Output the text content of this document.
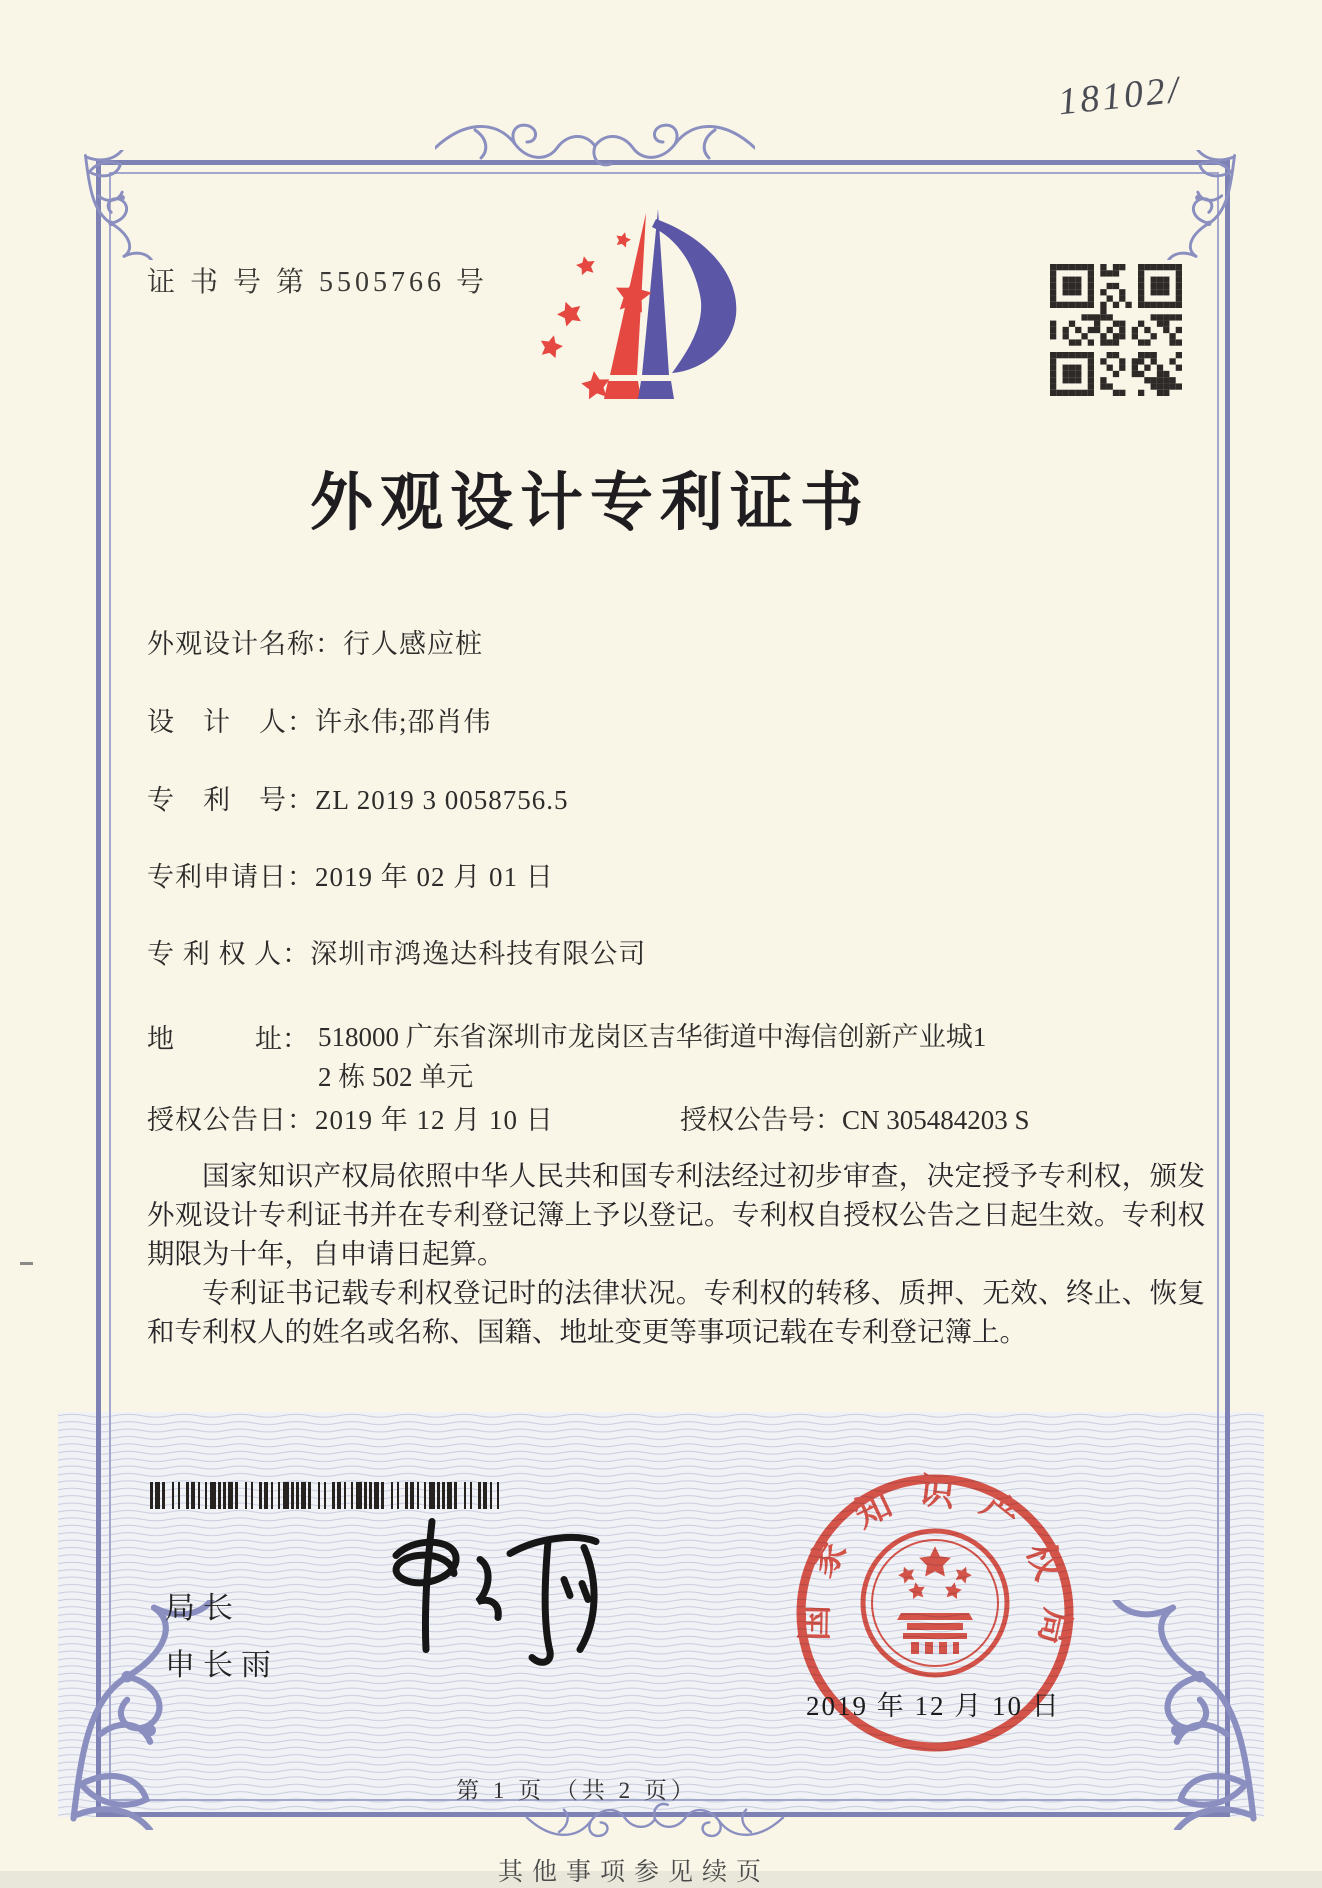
18102/
证 书 号 第 5505766 号
外观设计专利证书
外观设计名称：行人感应桩
设　计　人：许永伟;邵肖伟
专　利　号：ZL 2019 3 0058756.5
专利申请日：2019 年 02 月 01 日
专 利 权 人：深圳市鸿逸达科技有限公司
地　　　址： 518000 广东省深圳市龙岗区吉华街道中海信创新产业城1
2 栋 502 单元
授权公告日：2019 年 12 月 10 日	授权公告号：CN 305484203 S

国家知识产权局依照中华人民共和国专利法经过初步审查，决定授予专利权，颁发外观设计专利证书并在专利登记簿上予以登记。专利权自授权公告之日起生效。专利权期限为十年，自申请日起算。

专利证书记载专利权登记时的法律状况。专利权的转移、质押、无效、终止、恢复和专利权人的姓名或名称、国籍、地址变更等事项记载在专利登记簿上。

局长
申长雨
国家知识产权局
2019 年 12 月 10 日
第 1 页 （共 2 页）
其他事项参见续页
